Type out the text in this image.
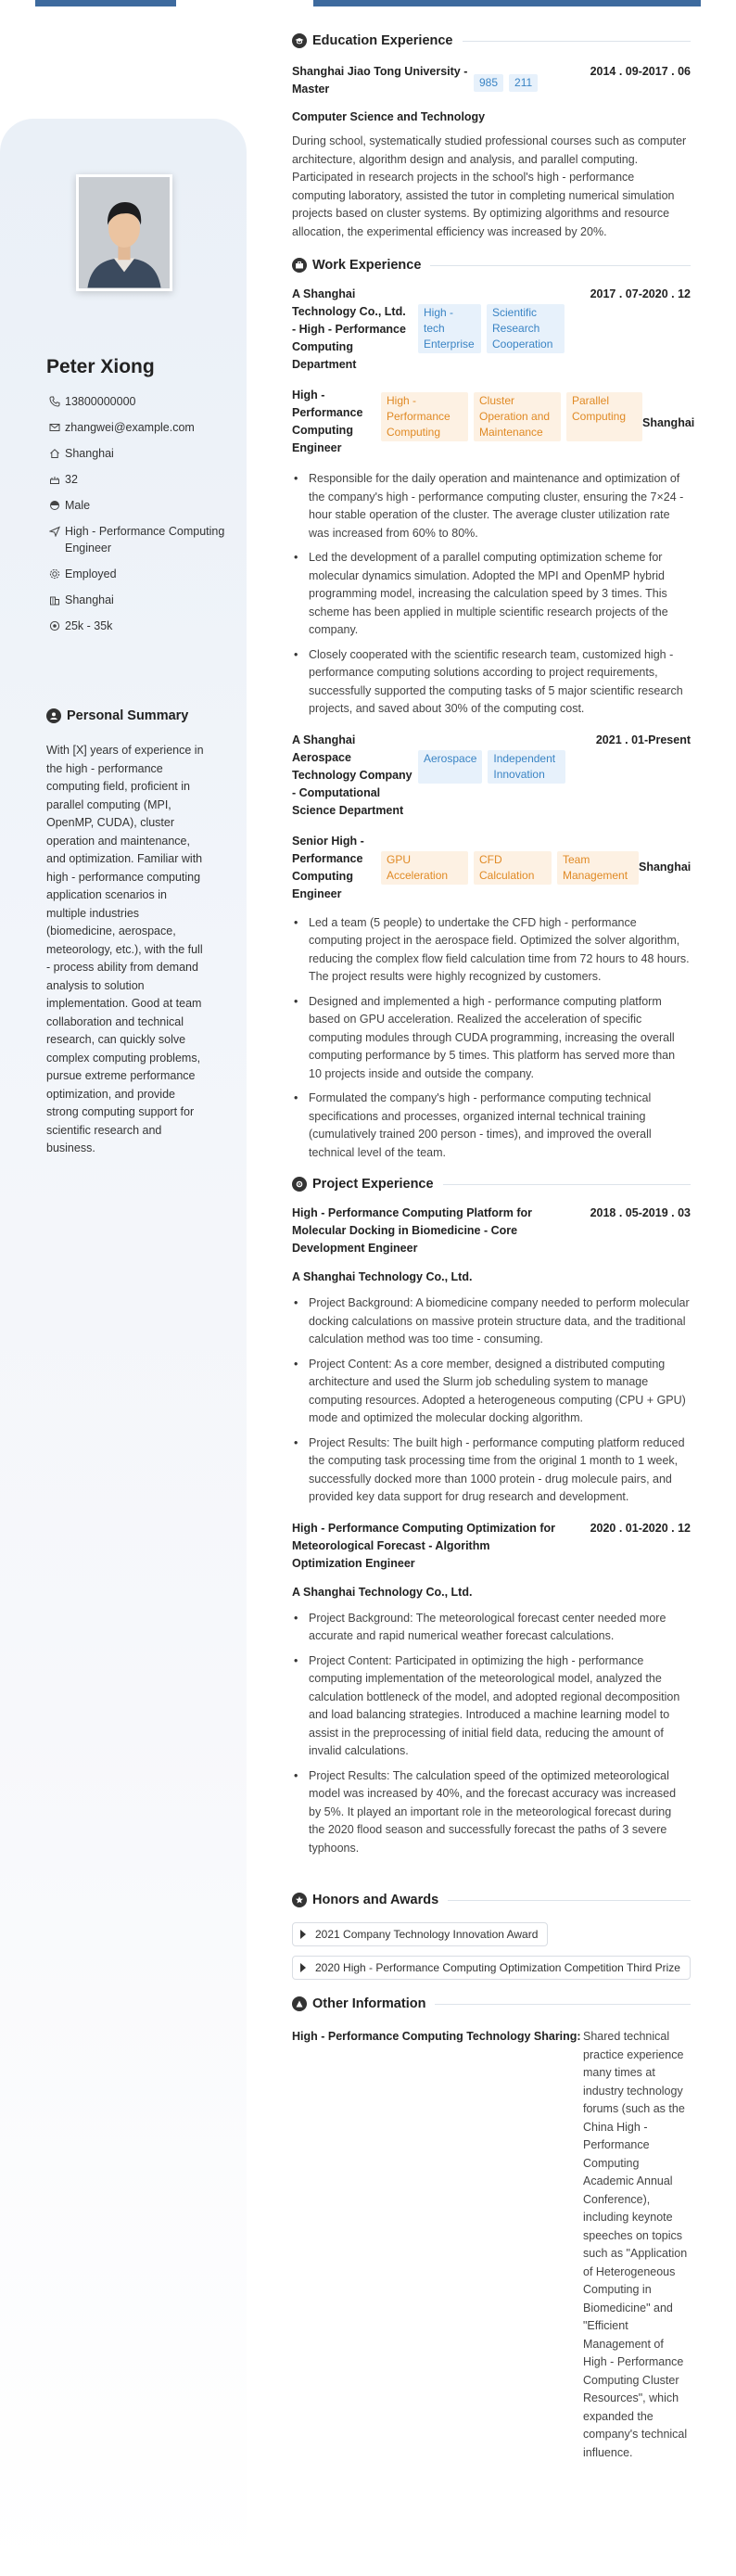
Peter Xiong
13800000000
zhangwei@example.com
Shanghai
32
Male
High - Performance Computing Engineer
Employed
Shanghai
25k - 35k
Personal Summary
With [X] years of experience in the high - performance computing field, proficient in parallel computing (MPI, OpenMP, CUDA), cluster operation and maintenance, and optimization. Familiar with high - performance computing application scenarios in multiple industries (biomedicine, aerospace, meteorology, etc.), with the full - process ability from demand analysis to solution implementation. Good at team collaboration and technical research, can quickly solve complex computing problems, pursue extreme performance optimization, and provide strong computing support for scientific research and business.
Education Experience
Shanghai Jiao Tong University - Master	985 211
2014 . 09-2017 . 06
Computer Science and Technology
During school, systematically studied professional courses such as computer architecture, algorithm design and analysis, and parallel computing. Participated in research projects in the school's high - performance computing laboratory, assisted the tutor in completing numerical simulation projects based on cluster systems. By optimizing algorithms and resource allocation, the experimental efficiency was increased by 20%.
Work Experience
A Shanghai Technology Co., Ltd. - High - Performance Computing Department
High - tech Enterprise
Scientific Research Cooperation
2017 . 07-2020 . 12
High - Performance Computing Engineer
High - Performance Computing
Cluster Operation and Maintenance
Parallel Computing	Shanghai
• Responsible for the daily operation and maintenance and optimization of the company's high - performance computing cluster, ensuring the 7×24 - hour stable operation of the cluster. The average cluster utilization rate was increased from 60% to 80%.
• Led the development of a parallel computing optimization scheme for molecular dynamics simulation. Adopted the MPI and OpenMP hybrid programming model, increasing the calculation speed by 3 times. This scheme has been applied in multiple scientific research projects of the company.
• Closely cooperated with the scientific research team, customized high - performance computing solutions according to project requirements, successfully supported the computing tasks of 5 major scientific research projects, and saved about 30% of the computing cost.
A Shanghai Aerospace Technology Company - Computational Science Department
Aerospace	Independent Innovation
2021 . 01-Present
Senior High - Performance Computing Engineer
GPU Acceleration
CFD Calculation
Team Management
Shanghai
• Led a team (5 people) to undertake the CFD high - performance computing project in the aerospace field. Optimized the solver algorithm, reducing the complex flow field calculation time from 72 hours to 48 hours. The project results were highly recognized by customers.
• Designed and implemented a high - performance computing platform based on GPU acceleration. Realized the acceleration of specific computing modules through CUDA programming, increasing the overall computing performance by 5 times. This platform has served more than 10 projects inside and outside the company.
• Formulated the company's high - performance computing technical specifications and processes, organized internal technical training (cumulatively trained 200 person - times), and improved the overall technical level of the team.
Project Experience
High - Performance Computing Platform for Molecular Docking in Biomedicine - Core Development Engineer
2018 . 05-2019 . 03
A Shanghai Technology Co., Ltd.
• Project Background: A biomedicine company needed to perform molecular docking calculations on massive protein structure data, and the traditional calculation method was too time - consuming.
• Project Content: As a core member, designed a distributed computing architecture and used the Slurm job scheduling system to manage computing resources. Adopted a heterogeneous computing (CPU + GPU) mode and optimized the molecular docking algorithm.
• Project Results: The built high - performance computing platform reduced the computing task processing time from the original 1 month to 1 week, successfully docked more than 1000 protein - drug molecule pairs, and provided key data support for drug research and development.
High - Performance Computing Optimization for Meteorological Forecast - Algorithm Optimization Engineer
2020 . 01-2020 . 12
A Shanghai Technology Co., Ltd.
• Project Background: The meteorological forecast center needed more accurate and rapid numerical weather forecast calculations.
• Project Content: Participated in optimizing the high - performance computing implementation of the meteorological model, analyzed the calculation bottleneck of the model, and adopted regional decomposition and load balancing strategies. Introduced a machine learning model to assist in the preprocessing of initial field data, reducing the amount of invalid calculations.
• Project Results: The calculation speed of the optimized meteorological model was increased by 40%, and the forecast accuracy was increased by 5%. It played an important role in the meteorological forecast during the 2020 flood season and successfully forecast the paths of 3 severe typhoons.
Honors and Awards
2021 Company Technology Innovation Award

2020 High - Performance Computing Optimization Competition Third Prize
Other Information
High - Performance Computing Technology Sharing: Shared technical practice experience many times at industry technology forums (such as the China High - Performance Computing Academic Annual Conference), including keynote speeches on topics such as "Application of Heterogeneous Computing in Biomedicine" and "Efficient Management of High - Performance Computing Cluster Resources", which expanded the company's technical influence.
